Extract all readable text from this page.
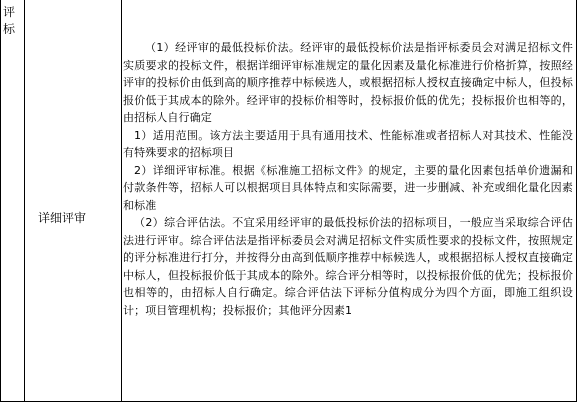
评
标
详细评审

（1）经评审的最低投标价法。经评审的最低投标价法是指评标委员会对满足招标文件实质要求的投标文件，根据详细评审标准规定的量化因素及量化标准进行价格折算，按照经评审的投标价由低到高的顺序推荐中标候选人，或根据招标人授权直接确定中标人，但投标报价低于其成本的除外。经评审的投标价相等时，投标报价低的优先；投标报价也相等的，由招标人自行确定

1）适用范围。该方法主要适用于具有通用技术、性能标准或者招标人对其技术、性能没有特殊要求的招标项目

2）详细评审标准。根据《标准施工招标文件》的规定，主要的量化因素包括单价遗漏和付款条件等，招标人可以根据项目具体特点和实际需要，进一步删减、补充或细化量化因素和标准

（2）综合评估法。不宜采用经评审的最低投标价法的招标项目，一般应当采取综合评估法进行评审。综合评估法是指评标委员会对满足招标文件实质性要求的投标文件，按照规定的评分标准进行打分，并按得分由高到低顺序推荐中标候选人，或根据招标人授权直接确定中标人，但投标报价低于其成本的除外。综合评分相等时，以投标报价低的优先；投标报价也相等的，由招标人自行确定。综合评估法下评标分值构成分为四个方面，即施工组织设计；项目管理机构；投标报价；其他评分因素1
